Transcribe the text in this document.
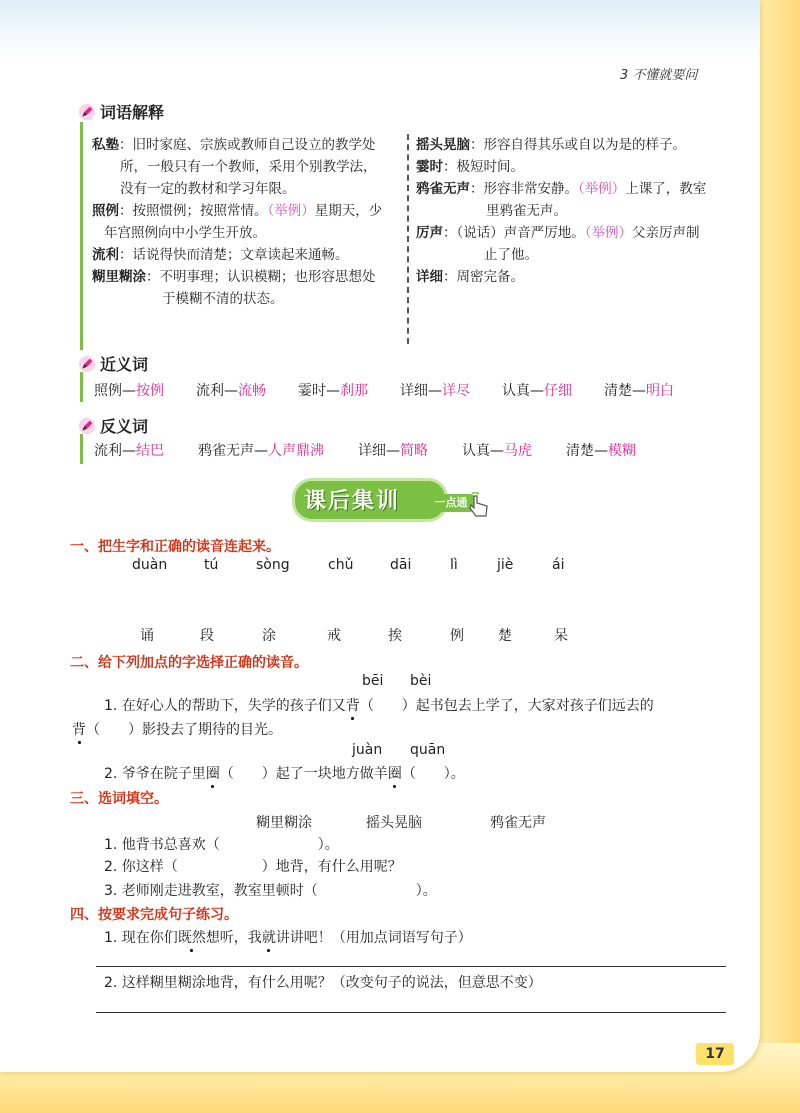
3 不懂就要问
词语解释
私塾：旧时家庭、宗族或教师自己设立的教学处
所，一般只有一个教师，采用个别教学法，
没有一定的教材和学习年限。
照例：按照惯例；按照常情。（举例）星期天，少
年宫照例向中小学生开放。
流利：话说得快而清楚；文章读起来通畅。
糊里糊涂：不明事理；认识模糊；也形容思想处
于模糊不清的状态。
摇头晃脑：形容自得其乐或自以为是的样子。
霎时：极短时间。
鸦雀无声：形容非常安静。（举例）上课了，教室
里鸦雀无声。
厉声：（说话）声音严厉地。（举例）父亲厉声制
止了他。
详细：周密完备。
近义词
照例—按例 流利—流畅 霎时—刹那 详细—详尽 认真—仔细 清楚—明白
反义词
流利—结巴 鸦雀无声—人声鼎沸 详细—简略 认真—马虎 清楚—模糊
课后集训	一点通
一、把生字和正确的读音连起来。
duàn	tú	sòng	chǔ	dāi	lì	jiè	ái
诵	段	涂	戒	挨	例 楚	呆
二、给下列加点的字选择正确的读音。
bēi bèi
1. 在好心人的帮助下，失学的孩子们又背（　　）起书包去上学了，大家对孩子们远去的
背（　　）影投去了期待的目光。
juàn quān
2. 爷爷在院子里圈（　　）起了一块地方做羊圈（　　）。
三、选词填空。
糊里糊涂	摇头晃脑	鸦雀无声
1. 他背书总喜欢（　　　　　　　）。
2. 你这样（　　　　　　）地背，有什么用呢？
3. 老师刚走进教室，教室里顿时（　　　　　　　）。
四、按要求完成句子练习。
1. 现在你们既然想听，我就讲讲吧！（用加点词语写句子）
2. 这样糊里糊涂地背，有什么用呢？（改变句子的说法，但意思不变）
17
